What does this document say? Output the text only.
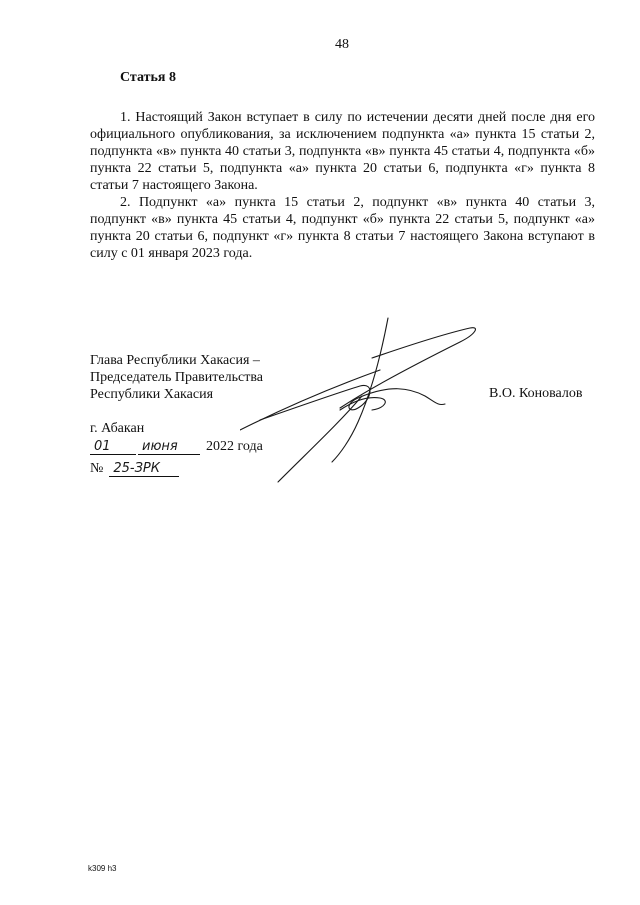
48
Статья 8

1. Настоящий Закон вступает в силу по истечении десяти дней после дня его официального опубликования, за исключением подпункта «а» пункта 15 статьи 2, подпункта «в» пункта 40 статьи 3, подпункта «в» пункта 45 статьи 4, подпункта «б» пункта 22 статьи 5, подпункта «а» пункта 20 статьи 6, подпункта «г» пункта 8 статьи 7 настоящего Закона.

2. Подпункт «а» пункта 15 статьи 2, подпункт «в» пункта 40 статьи 3, подпункт «в» пункта 45 статьи 4, подпункт «б» пункта 22 статьи 5, подпункт «а» пункта 20 статьи 6, подпункт «г» пункта 8 статьи 7 настоящего Закона вступают в силу с 01 января 2023 года.

Глава Республики Хакасия –
Председатель Правительства
Республики Хакасия	В.О. Коновалов
г. Абакан
01	июня	2022 года
№ 25-ЗРК
k309 h3
